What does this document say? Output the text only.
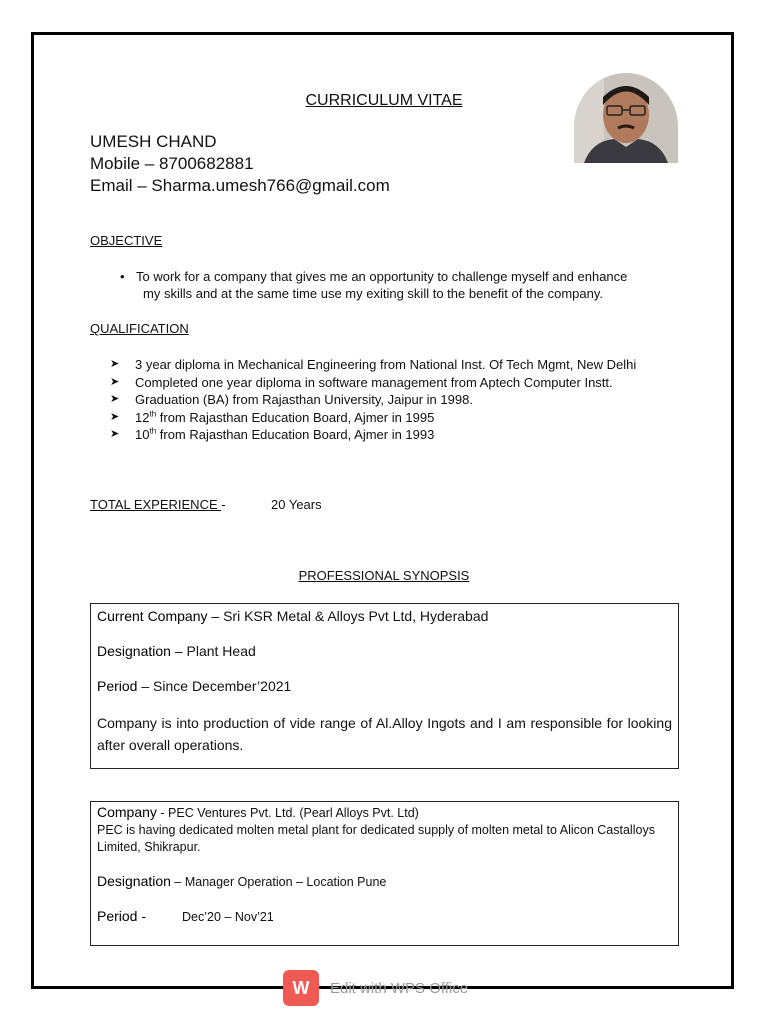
CURRICULUM VITAE
UMESH CHAND
Mobile – 8700682881
Email – Sharma.umesh766@gmail.com
OBJECTIVE
• To work for a company that gives me an opportunity to challenge myself and enhance
my skills and at the same time use my exiting skill to the benefit of the company.
QUALIFICATION
➤	3 year diploma in Mechanical Engineering from National Inst. Of Tech Mgmt, New Delhi
➤	Completed one year diploma in software management from Aptech Computer Instt.
➤	Graduation (BA) from Rajasthan University, Jaipur in 1998.
➤	12th from Rajasthan Education Board, Ajmer in 1995
➤	10th from Rajasthan Education Board, Ajmer in 1993
TOTAL EXPERIENCE -	20 Years
PROFESSIONAL SYNOPSIS

Current Company – Sri KSR Metal & Alloys Pvt Ltd, Hyderabad

Designation – Plant Head

Period – Since December’2021

Company is into production of vide range of Al.Alloy Ingots and I am responsible for looking after overall operations.

Company - PEC Ventures Pvt. Ltd. (Pearl Alloys Pvt. Ltd)

PEC is having dedicated molten metal plant for dedicated supply of molten metal to Alicon Castalloys Limited, Shikrapur.

Designation – Manager Operation – Location Pune

Period -	Dec’20 – Nov’21

W	Edit with WPS Office
